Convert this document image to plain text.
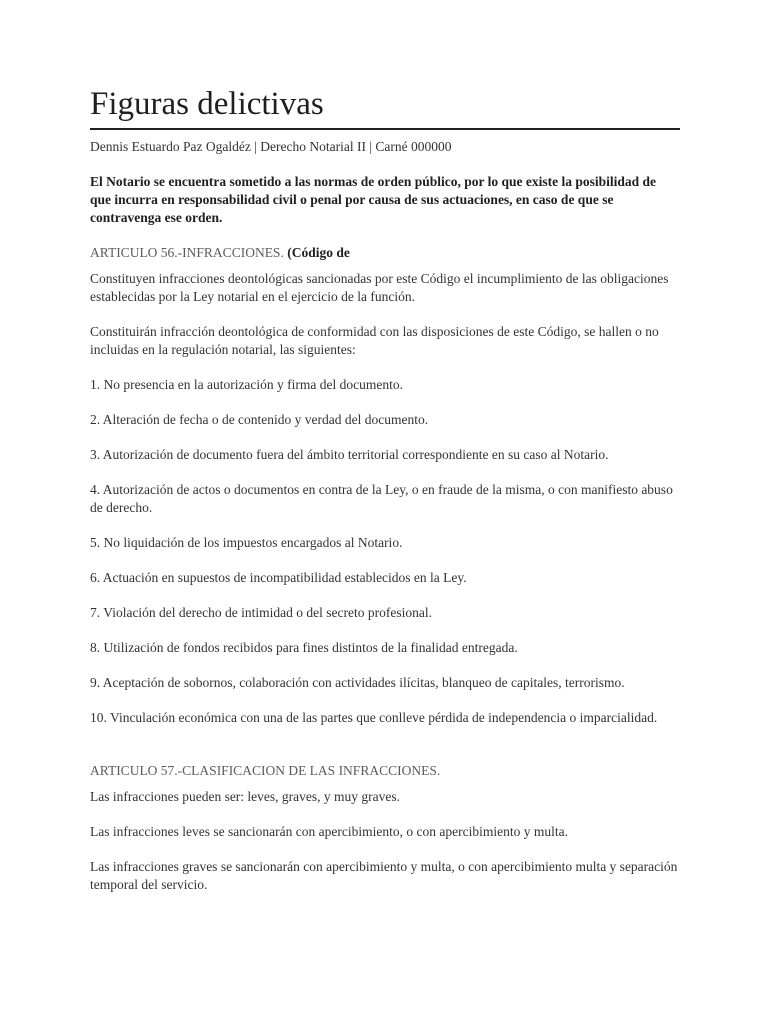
Figuras delictivas
Dennis Estuardo Paz Ogaldéz | Derecho Notarial II | Carné 000000
El Notario se encuentra sometido a las normas de orden público, por lo que existe la posibilidad de que incurra en responsabilidad civil o penal por causa de sus actuaciones, en caso de que se contravenga ese orden.
ARTICULO 56.-INFRACCIONES. (Código de
Constituyen infracciones deontológicas sancionadas por este Código el incumplimiento de las obligaciones establecidas por la Ley notarial en el ejercicio de la función.
Constituirán infracción deontológica de conformidad con las disposiciones de este Código, se hallen o no incluidas en la regulación notarial, las siguientes:
1. No presencia en la autorización y firma del documento.
2. Alteración de fecha o de contenido y verdad del documento.
3. Autorización de documento fuera del ámbito territorial correspondiente en su caso al Notario.
4. Autorización de actos o documentos en contra de la Ley, o en fraude de la misma, o con manifiesto abuso de derecho.
5. No liquidación de los impuestos encargados al Notario.
6. Actuación en supuestos de incompatibilidad establecidos en la Ley.
7. Violación del derecho de intimidad o del secreto profesional.
8. Utilización de fondos recibidos para fines distintos de la finalidad entregada.
9. Aceptación de sobornos, colaboración con actividades ilícitas, blanqueo de capitales, terrorismo.
10. Vinculación económica con una de las partes que conlleve pérdida de independencia o imparcialidad.
ARTICULO 57.-CLASIFICACION DE LAS INFRACCIONES.
Las infracciones pueden ser: leves, graves, y muy graves.
Las infracciones leves se sancionarán con apercibimiento, o con apercibimiento y multa.
Las infracciones graves se sancionarán con apercibimiento y multa, o con apercibimiento multa y separación temporal del servicio.
